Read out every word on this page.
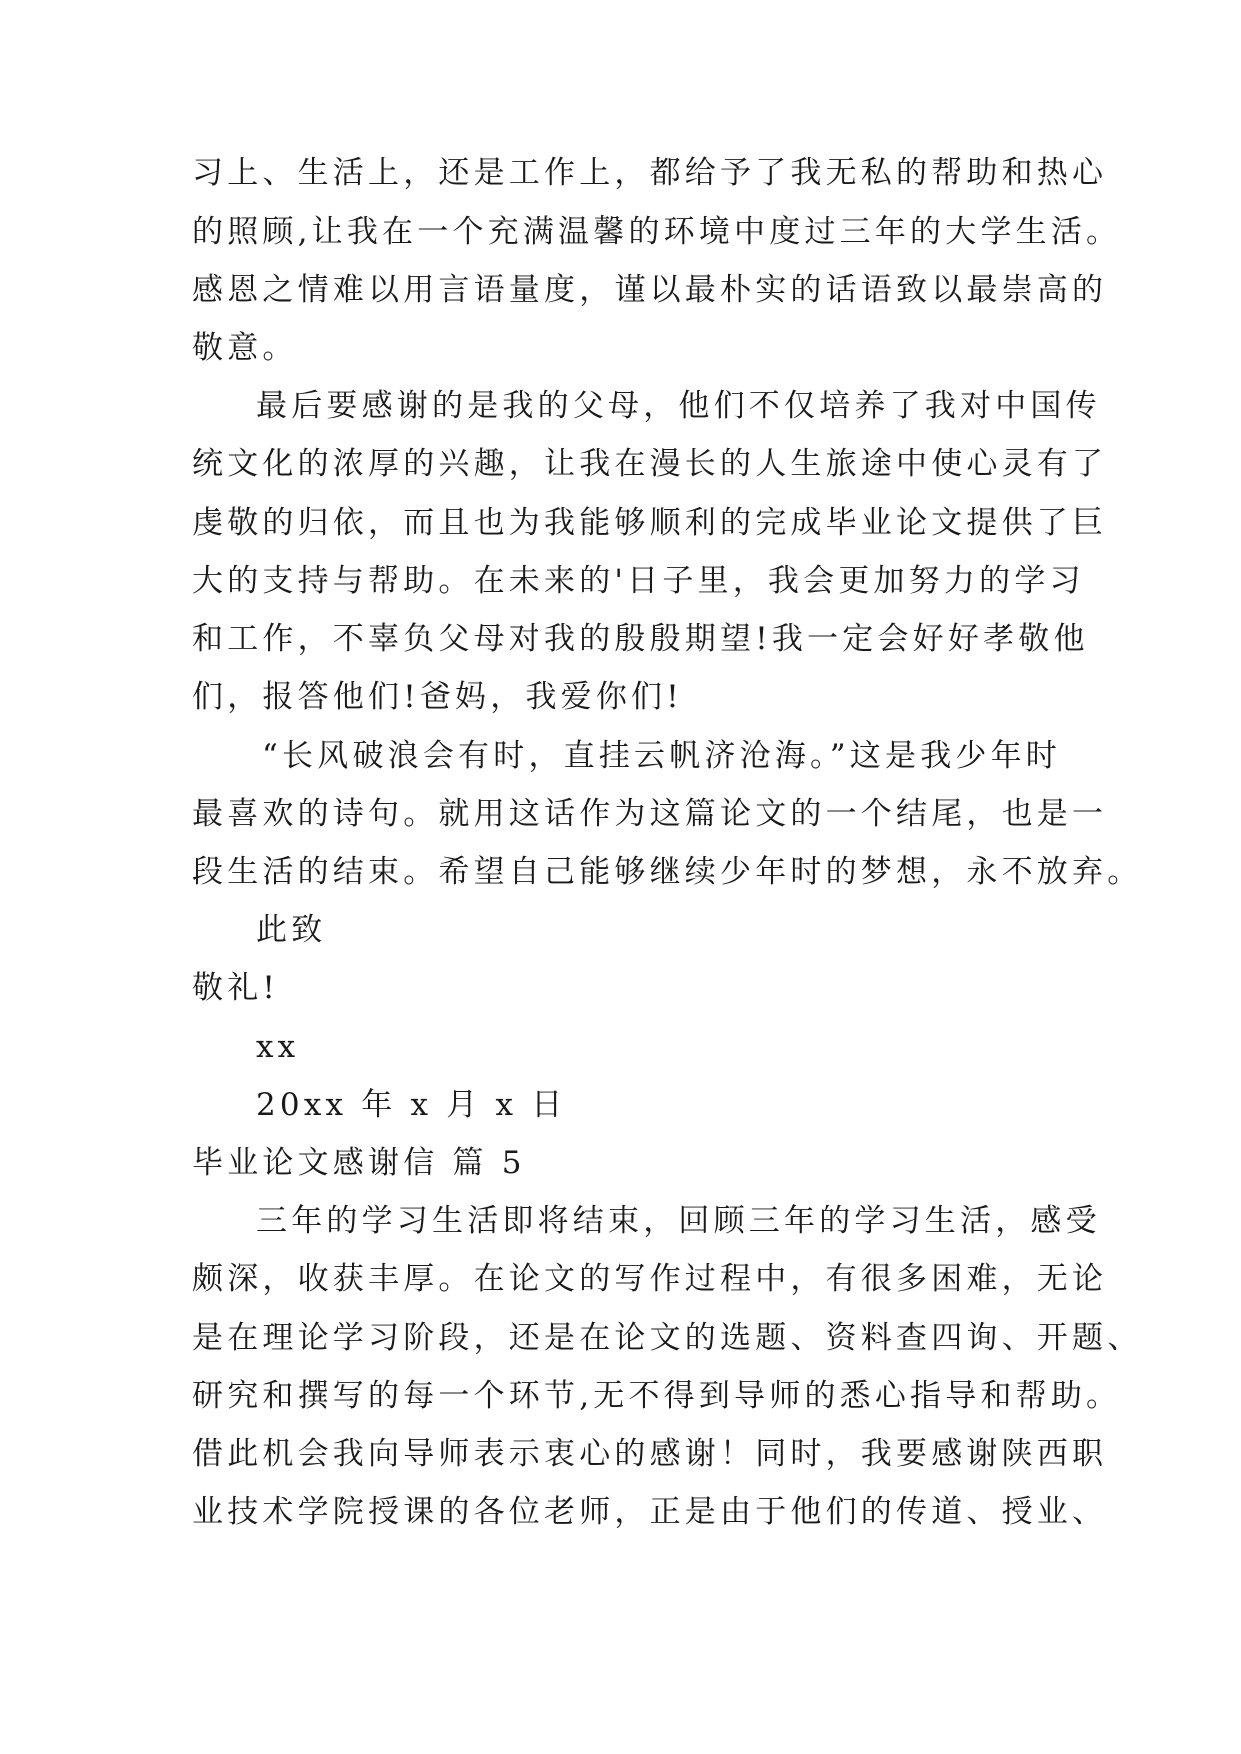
习上、生活上，还是工作上，都给予了我无私的帮助和热心
的照顾,让我在一个充满温馨的环境中度过三年的大学生活。
感恩之情难以用言语量度，谨以最朴实的话语致以最崇高的
敬意。
最后要感谢的是我的父母，他们不仅培养了我对中国传
统文化的浓厚的兴趣，让我在漫长的人生旅途中使心灵有了
虔敬的归依，而且也为我能够顺利的完成毕业论文提供了巨
大的支持与帮助。在未来的'日子里，我会更加努力的学习
和工作，不辜负父母对我的殷殷期望!我一定会好好孝敬他
们，报答他们!爸妈，我爱你们!
“长风破浪会有时，直挂云帆济沧海。”这是我少年时
最喜欢的诗句。就用这话作为这篇论文的一个结尾，也是一
段生活的结束。希望自己能够继续少年时的梦想，永不放弃。
此致
敬礼!
xx
20xx 年 x 月 x 日
毕业论文感谢信 篇 5
三年的学习生活即将结束，回顾三年的学习生活，感受
颇深，收获丰厚。在论文的写作过程中，有很多困难，无论
是在理论学习阶段，还是在论文的选题、资料查四询、开题、
研究和撰写的每一个环节,无不得到导师的悉心指导和帮助。
借此机会我向导师表示衷心的感谢！同时，我要感谢陕西职
业技术学院授课的各位老师，正是由于他们的传道、授业、
